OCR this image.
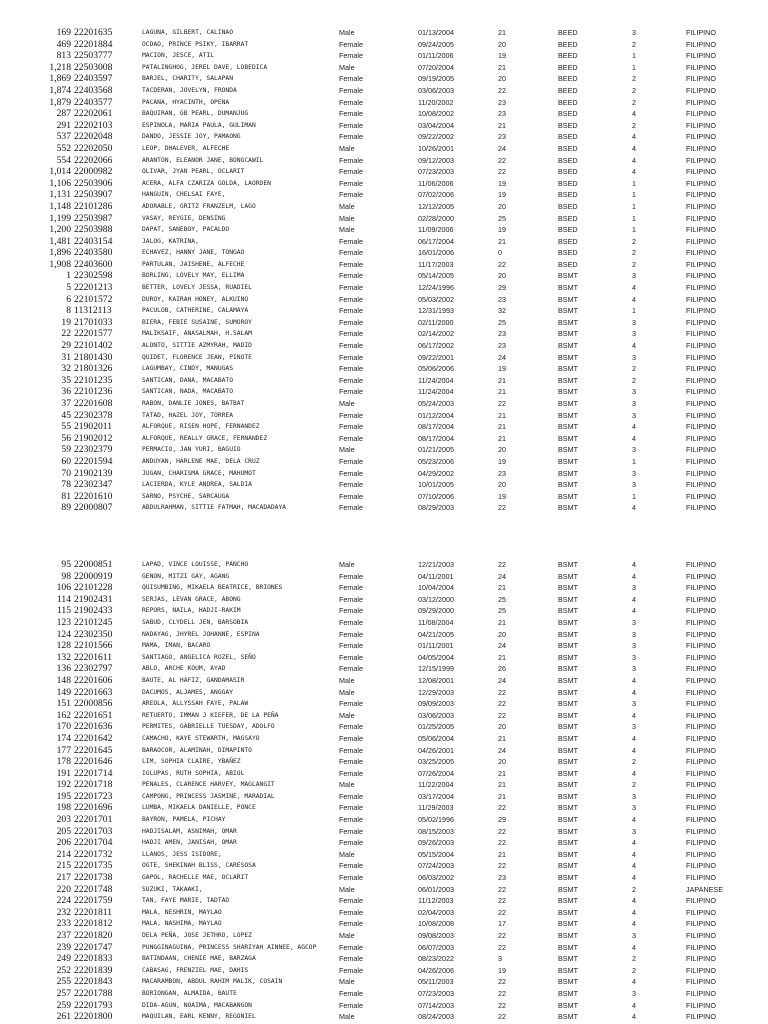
169 22201635	LAGUNA, GILBERT, CALINAO	Male	01/13/2004	21	BEED	3	FILIPINO
469 22201884	OCDAO, PRINCE PSIKY, IBARRAT	Female	09/24/2005	20	BEED	2	FILIPINO
813 22503777	MACION, JESCE, ATIL	Female	01/11/2006	19	BEED	1	FILIPINO
1,218 22503008	PATALINGHOG, JEREL DAVE, LOBEDICA	Male	07/20/2004	21	BEED	1	FILIPINO
1,869 22403597	BARJEL, CHARITY, SALAPAN	Female	09/19/2005	20	BEED	2	FILIPINO
1,874 22403568	TACDERAN, JOVELYN, FRONDA	Female	03/06/2003	22	BEED	2	FILIPINO
1,879 22403577	PACANA, HYACINTH, OPENA	Female	11/20/2002	23	BEED	2	FILIPINO
287 22202061	BAQUIRAN, GB PEARL, DUMANJUG	Female	10/08/2002	23	BSED	4	FILIPINO
291 22202103	ESPINOLA, MARIA PAULA, GULIMAN	Female	03/04/2004	21	BSED	2	FILIPINO
537 22202048	DANDO, JESSIE JOY, PAMAONG	Female	09/22/2002	23	BSED	4	FILIPINO
552 22202050	LEOP, DHALEVER, ALFECHE	Male	10/26/2001	24	BSED	4	FILIPINO
554 22202066	ARANTON, ELEANOR JANE, BONGCAWIL	Female	09/12/2003	22	BSED	4	FILIPINO
1,014 22000982	OLIVAR, JYAN PEARL, OCLARIT	Female	07/23/2003	22	BSED	4	FILIPINO
1,106 22503906	ACERA, ALFA CZARIZA GOLDA, LAORDEN	Female	11/06/2006	19	BSED	1	FILIPINO
1,131 22503907	HANGUIN, CHELSAI FAYE,	Female	07/02/2006	19	BSED	1	FILIPINO
1,148 22101286	ADORABLE, GRITZ FRANZELM, LAGO	Male	12/12/2005	20	BSED	1	FILIPINO
1,199 22503987	VASAY, REYGIE, DENSING	Male	02/28/2000	25	BSED	1	FILIPINO
1,200 22503988	DAPAT, SANEBOY, PACALDO	Male	11/09/2006	19	BSED	1	FILIPINO
1,481 22403154	JALOG, KATRINA,	Female	06/17/2004	21	BSED	2	FILIPINO
1,896 22403580	ECHAVEZ, HANNY JANE, TONGAO	Female	16/01/2006	0	BSED	2	FILIPINO
1,908 22403600	PARTULAN, JAISHENE, ALFECHE	Female	11/17/2003	22	BSED	2	FILIPINO
1 22302598	BORLING, LOVELY MAY, ELLIMA	Female	05/14/2005	20	BSMT	3	FILIPINO
5 22201213	BETTER, LOVELY JESSA, RUADIEL	Female	12/24/1996	29	BSMT	4	FILIPINO
6 22101572	DUROY, KAIRAH HONEY, ALKUINO	Female	05/03/2002	23	BSMT	4	FILIPINO
8 11312113	PACULOB, CATHERINE, CALAMAYA	Female	12/31/1993	32	BSMT	1	FILIPINO
19 21701033	BIERA, FEBIE SUSAINE, SUMOROY	Female	02/11/2000	25	BSMT	3	FILIPINO
22 22201577	MALIKSAIF, ANASALMAH, H.SALAM	Female	02/14/2002	23	BSMT	3	FILIPINO
29 22101402	ALONTO, SITTIE AZMYRAH, MADID	Female	06/17/2002	23	BSMT	4	FILIPINO
31 21801430	QUIDET, FLORENCE JEAN, PINOTE	Female	09/22/2001	24	BSMT	3	FILIPINO
32 21801326	LAGUMBAY, CINDY, MANUGAS	Female	05/06/2006	19	BSMT	2	FILIPINO
35 22101235	SANTICAN, DANA, MACABATO	Female	11/24/2004	21	BSMT	2	FILIPINO
36 22101236	SANTICAN, NADA, MACABATO	Female	11/24/2004	21	BSMT	3	FILIPINO
37 22201608	RABON, DANLIE JONES, BATBAT	Male	05/24/2003	22	BSMT	3	FILIPINO
45 22302378	TATAD, HAZEL JOY, TORREA	Female	01/12/2004	21	BSMT	3	FILIPINO
55 21902011	ALFORQUE, RISEN HOPE, FERNANDEZ	Female	08/17/2004	21	BSMT	4	FILIPINO
56 21902012	ALFORQUE, REALLY GRACE, FERNANDEZ	Female	08/17/2004	21	BSMT	4	FILIPINO
59 22302379	PERMACIO, JAN YURI, BAGUIO	Male	01/21/2005	20	BSMT	3	FILIPINO
60 22201594	ANDUYAN, HARLENE MAE, DELA CRUZ	Female	05/23/2006	19	BSMT	1	FILIPINO
70 21902139	JUGAN, CHARISMA GRACE, MAHUMOT	Female	04/29/2002	23	BSMT	3	FILIPINO
78 22302347	LACIERDA, KYLE ANDREA, SALDIA	Female	10/01/2005	20	BSMT	3	FILIPINO
81 22201610	SARNO, PSYCHE, SARCAUGA	Female	07/10/2006	19	BSMT	1	FILIPINO
89 22000807	ABDULRAHMAN, SITTIE FATMAH, MACADADAYA	Female	08/29/2003	22	BSMT	4	FILIPINO
95 22000851	LAPAD, VINCE LOUISSE, PANCHO	Male	12/21/2003	22	BSMT	4	FILIPINO
98 22000919	GENON, MITZI GAY, AGANG	Female	04/11/2001	24	BSMT	4	FILIPINO
106 22101228	QUISUMBING, MIKAELA BEATRICE, BRIONES	Female	10/04/2004	21	BSMT	3	FILIPINO
114 21902431	SERJAS, LEVAN GRACE, ABONG	Female	03/12/2000	25	BSMT	4	FILIPINO
115 21902433	REPORS, NAILA, HADJI-RAKIM	Female	09/29/2000	25	BSMT	4	FILIPINO
123 22101245	SABUD, CLYDELL JEN, BARSOBIA	Female	11/08/2004	21	BSMT	3	FILIPINO
124 22302350	NADAYAG, JHYREL JOHANNE, ESPINA	Female	04/21/2005	20	BSMT	3	FILIPINO
128 22101566	MAMA, IMAN, BACARO	Female	01/11/2001	24	BSMT	3	FILIPINO
132 22201611	SANTIAGO, ANGELICA ROZEL, SEÑO	Female	04/05/2004	21	BSMT	3	FILIPINO
136 22302797	ABLO, ARCHE KOUM, AYAD	Female	12/15/1999	26	BSMT	3	FILIPINO
148 22201606	BAUTE, AL HAFIZ, GANDAMASIR	Male	12/08/2001	24	BSMT	4	FILIPINO
149 22201663	DACUMOS, ALJAMES, ANGGAY	Male	12/29/2003	22	BSMT	4	FILIPINO
151 22000856	AREOLA, ALLYSSAH FAYE, PALAW	Female	09/09/2003	22	BSMT	3	FILIPINO
162 22201651	RETUERTO, IMMAN J KIEFER, DE LA PEÑA	Male	03/06/2003	22	BSMT	4	FILIPINO
170 22201636	PERMITES, GABRIELLE TUESDAY, ADOLFO	Female	01/25/2005	20	BSMT	3	FILIPINO
174 22201642	CAMACHO, KAYE STEWARTH, MAGSAYO	Female	05/06/2004	21	BSMT	4	FILIPINO
177 22201645	BARAOCOR, ALAMINAH, DIMAPINTO	Female	04/26/2001	24	BSMT	4	FILIPINO
178 22201646	LIM, SOPHIA CLAIRE, YBAÑEZ	Female	03/25/2005	20	BSMT	2	FILIPINO
191 22201714	IGLUPAS, RUTH SOPHIA, ABIOL	Female	07/26/2004	21	BSMT	4	FILIPINO
192 22201718	PENALES, CLARENCE HARVEY, MAGLANGIT	Male	11/22/2004	21	BSMT	2	FILIPINO
195 22201723	CAMPONG, PRINCESS JASMINE, MARADIAL	Female	03/17/2004	21	BSMT	3	FILIPINO
198 22201696	LUMBA, MIKAELA DANIELLE, PONCE	Female	11/29/2003	22	BSMT	3	FILIPINO
203 22201701	BAYRON, PAMELA, PICHAY	Female	05/02/1996	29	BSMT	4	FILIPINO
205 22201703	HADJISALAM, ASNIMAH, OMAR	Female	08/15/2003	22	BSMT	3	FILIPINO
206 22201704	HADJI AMEN, JANISAH, OMAR	Female	09/26/2003	22	BSMT	4	FILIPINO
214 22201732	LLANOS, JESS ISIDORE,	Male	05/15/2004	21	BSMT	4	FILIPINO
215 22201735	OGTE, SHEKINAH BLISS, CARESOSA	Female	07/24/2003	22	BSMT	4	FILIPINO
217 22201738	GAPOL, RACHELLE MAE, OCLARIT	Female	06/03/2002	23	BSMT	4	FILIPINO
220 22201748	SUZUKI, TAKAAKI,	Male	06/01/2003	22	BSMT	2	JAPANESE
224 22201759	TAN, FAYE MARIE, TADTAD	Female	11/12/2003	22	BSMT	4	FILIPINO
232 22201811	MALA, NESHRIN, MAYLAO	Female	02/04/2003	22	BSMT	4	FILIPINO
233 22201812	MALA, NASHIMA, MAYLAO	Female	10/08/2008	17	BSMT	4	FILIPINO
237 22201820	DELA PEÑA, JOSE JETHRO, LOPEZ	Male	09/08/2003	22	BSMT	3	FILIPINO
239 22201747	PUNGGINAGUINA, PRINCESS SHARIYAH AINNEE, AGCOP	Female	06/07/2003	22	BSMT	4	FILIPINO
249 22201833	BATINDAAN, CHENIE MAE, BARZAGA	Female	08/23/2022	3	BSMT	2	FILIPINO
252 22201839	CABASAG, FRENZIEL MAE, DAHIS	Female	04/26/2006	19	BSMT	2	FILIPINO
255 22201843	MACARAMBON, ABDUL RAHIM MALIK, COSAIN	Male	05/11/2003	22	BSMT	4	FILIPINO
257 22201788	BORIONGAN, ALMAIDA, BAUTE	Female	07/23/2003	22	BSMT	3	FILIPINO
259 22201793	DIDA-AGUN, NOAIMA, MACABANGON	Female	07/14/2003	22	BSMT	4	FILIPINO
261 22201800	MAQUILAN, EARL KENNY, REGONIEL	Male	08/24/2003	22	BSMT	4	FILIPINO
